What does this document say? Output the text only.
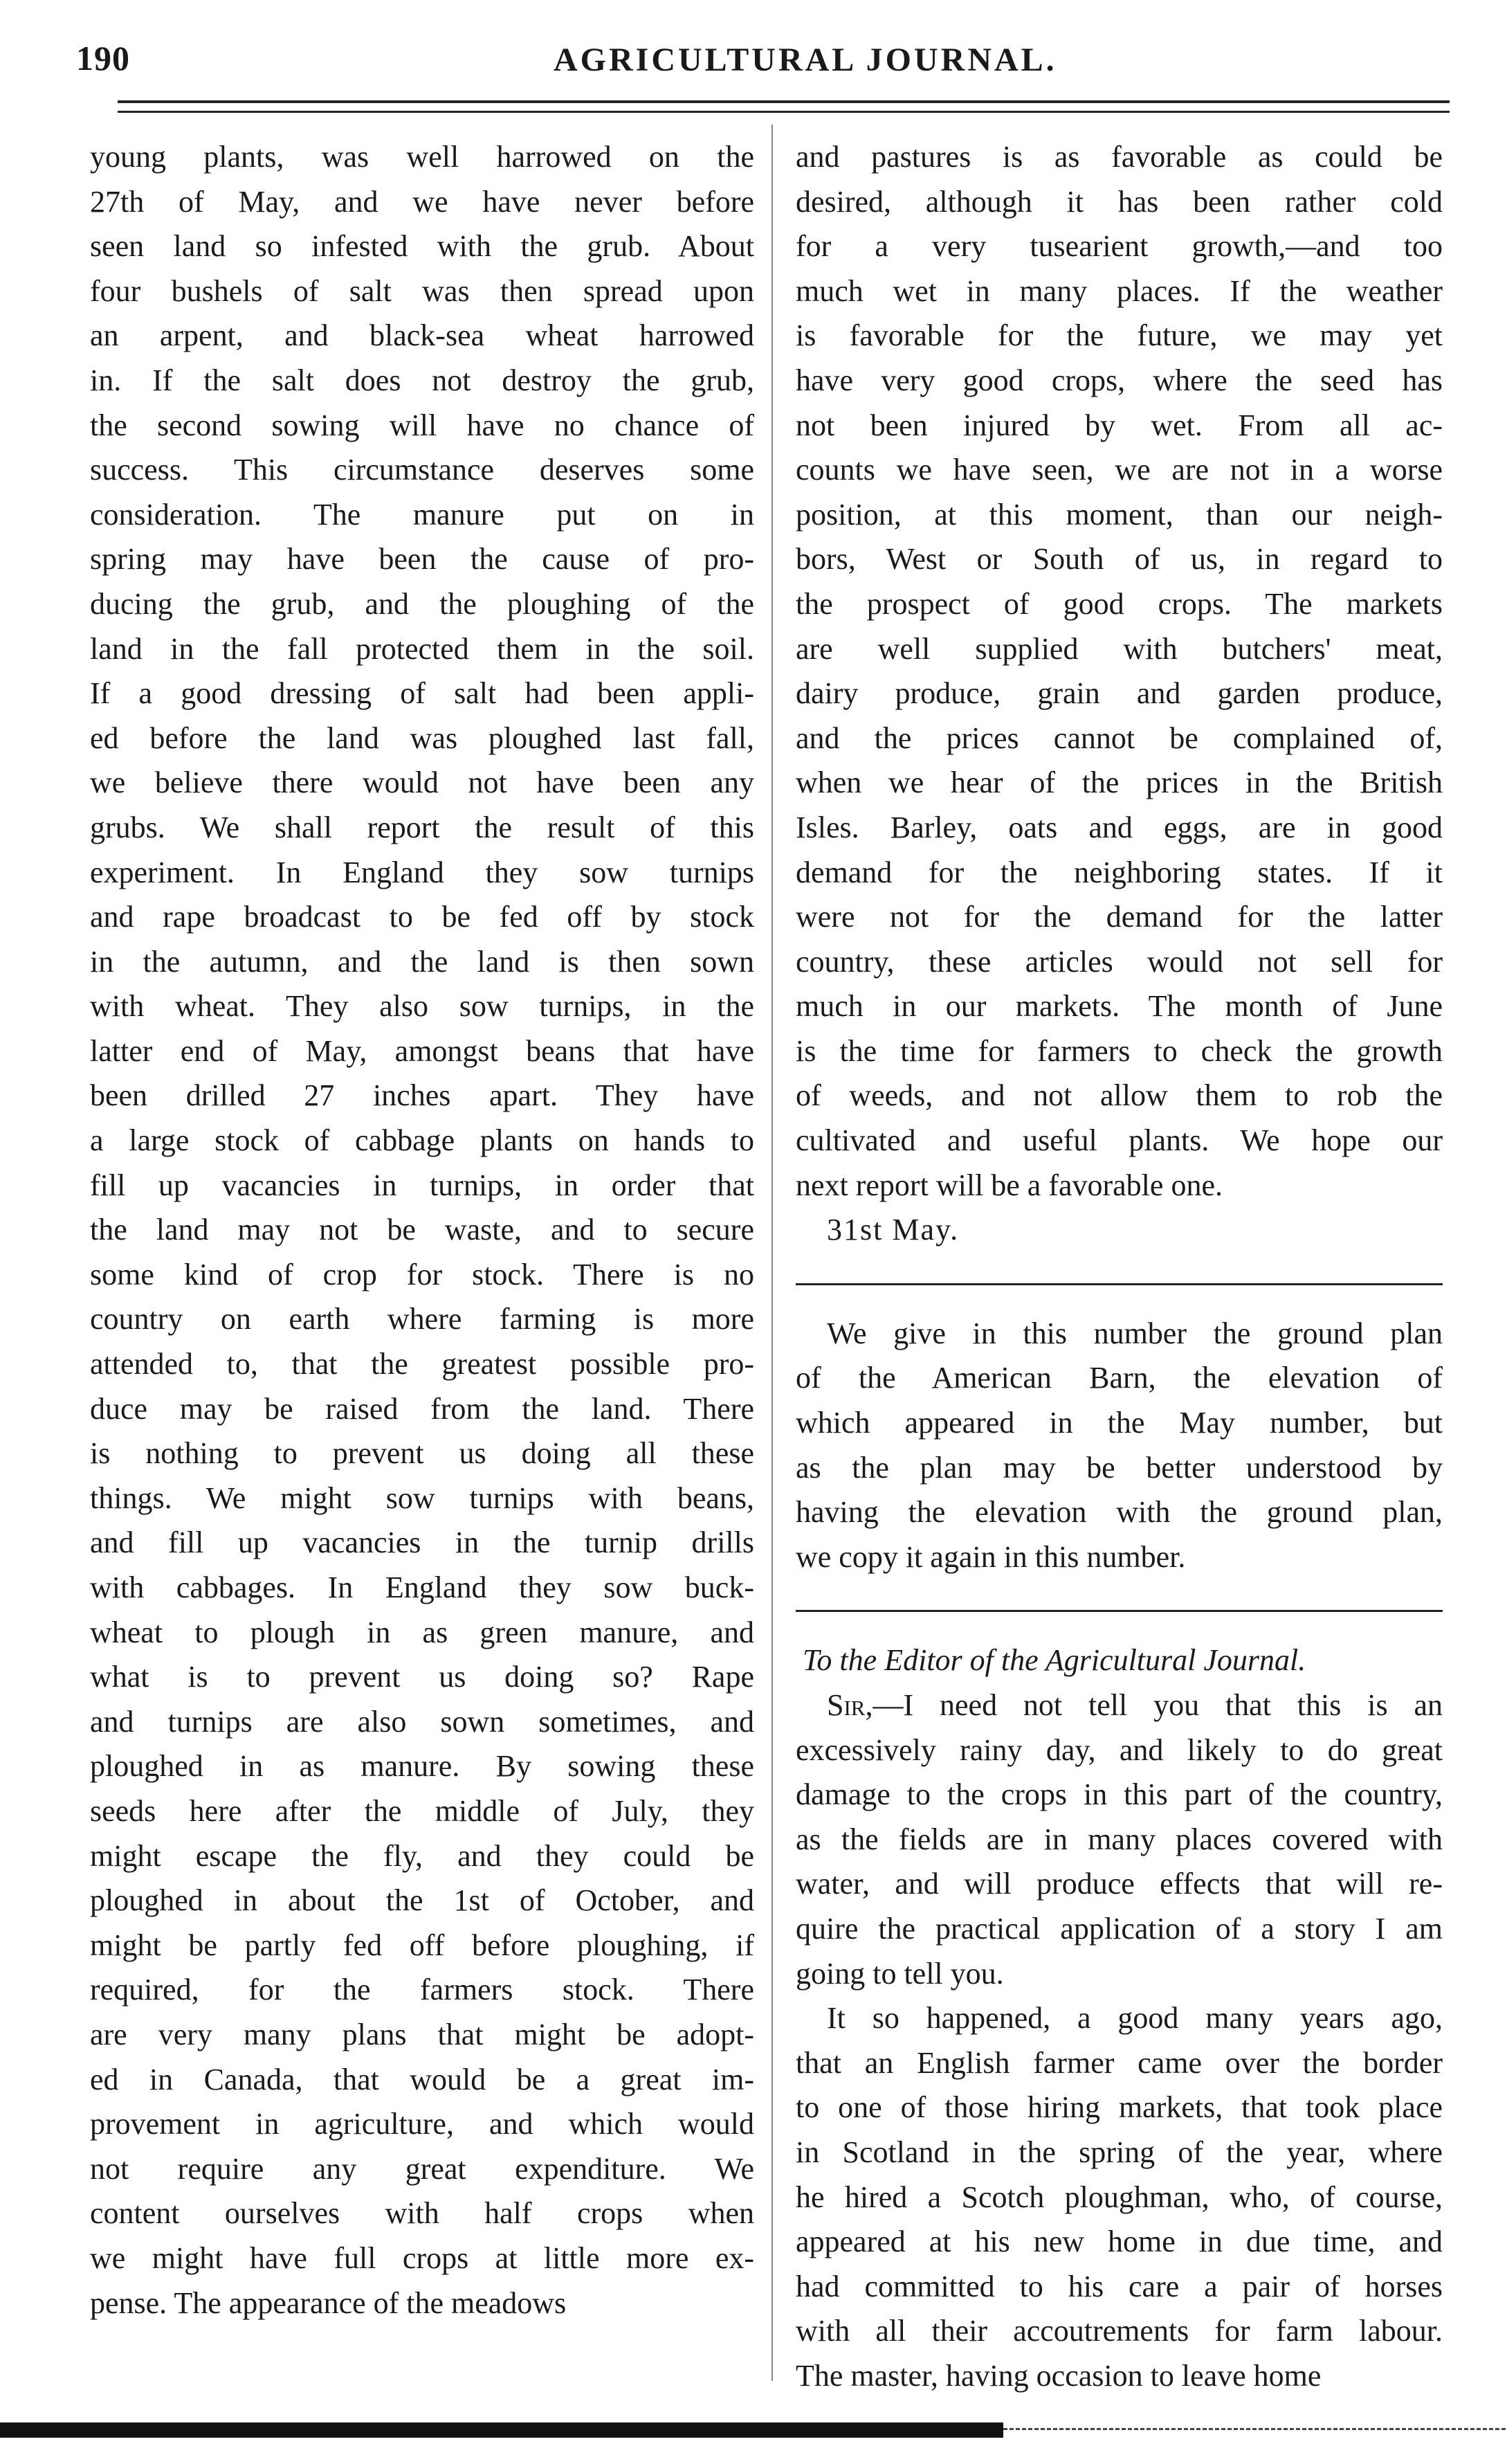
190	AGRICULTURAL JOURNAL.
young plants, was well harrowed on the
27th of May, and we have never before
seen land so infested with the grub. About
four bushels of salt was then spread upon
an arpent, and black-sea wheat harrowed
in. If the salt does not destroy the grub,
the second sowing will have no chance of
success. This circumstance deserves some
consideration. The manure put on in
spring may have been the cause of pro-
ducing the grub, and the ploughing of the
land in the fall protected them in the soil.
If a good dressing of salt had been appli-
ed before the land was ploughed last fall,
we believe there would not have been any
grubs. We shall report the result of this
experiment. In England they sow turnips
and rape broadcast to be fed off by stock
in the autumn, and the land is then sown
with wheat. They also sow turnips, in the
latter end of May, amongst beans that have
been drilled 27 inches apart. They have
a large stock of cabbage plants on hands to
fill up vacancies in turnips, in order that
the land may not be waste, and to secure
some kind of crop for stock. There is no
country on earth where farming is more
attended to, that the greatest possible pro-
duce may be raised from the land. There
is nothing to prevent us doing all these
things. We might sow turnips with beans,
and fill up vacancies in the turnip drills
with cabbages. In England they sow buck-
wheat to plough in as green manure, and
what is to prevent us doing so? Rape
and turnips are also sown sometimes, and
ploughed in as manure. By sowing these
seeds here after the middle of July, they
might escape the fly, and they could be
ploughed in about the 1st of October, and
might be partly fed off before ploughing, if
required, for the farmers stock. There
are very many plans that might be adopt-
ed in Canada, that would be a great im-
provement in agriculture, and which would
not require any great expenditure. We
content ourselves with half crops when
we might have full crops at little more ex-
pense. The appearance of the meadows
and pastures is as favorable as could be
desired, although it has been rather cold
for a very tusearient growth,—and too
much wet in many places. If the weather
is favorable for the future, we may yet
have very good crops, where the seed has
not been injured by wet. From all ac-
counts we have seen, we are not in a worse
position, at this moment, than our neigh-
bors, West or South of us, in regard to
the prospect of good crops. The markets
are well supplied with butchers' meat,
dairy produce, grain and garden produce,
and the prices cannot be complained of,
when we hear of the prices in the British
Isles. Barley, oats and eggs, are in good
demand for the neighboring states. If it
were not for the demand for the latter
country, these articles would not sell for
much in our markets. The month of June
is the time for farmers to check the growth
of weeds, and not allow them to rob the
cultivated and useful plants. We hope our
next report will be a favorable one.
31st May.
We give in this number the ground plan
of the American Barn, the elevation of
which appeared in the May number, but
as the plan may be better understood by
having the elevation with the ground plan,
we copy it again in this number.
To the Editor of the Agricultural Journal.
Sir,—I need not tell you that this is an
excessively rainy day, and likely to do great
damage to the crops in this part of the country,
as the fields are in many places covered with
water, and will produce effects that will re-
quire the practical application of a story I am
going to tell you.
It so happened, a good many years ago,
that an English farmer came over the border
to one of those hiring markets, that took place
in Scotland in the spring of the year, where
he hired a Scotch ploughman, who, of course,
appeared at his new home in due time, and
had committed to his care a pair of horses
with all their accoutrements for farm labour.
The master, having occasion to leave home
